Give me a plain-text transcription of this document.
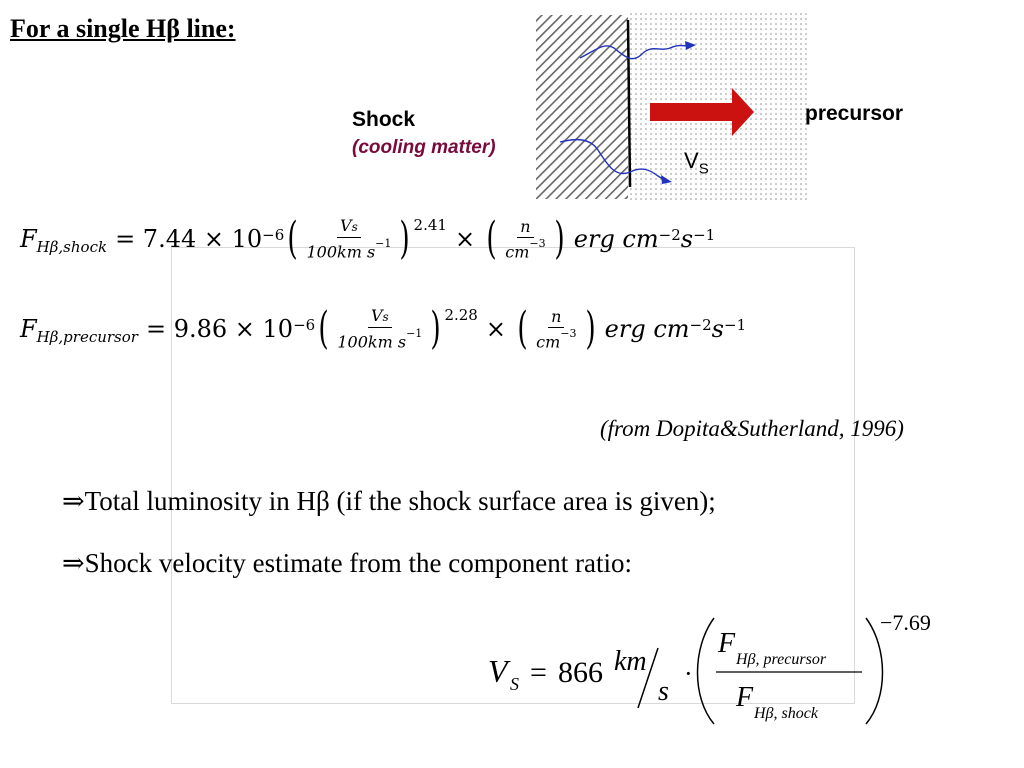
For a single Hβ line:
Shock
(cooling matter)
precursor
$V_S$
F Hβ,shock = $7.44 \times 10^{-6}$ ( $\frac{Vs}{100km s^{-1}} )^{2.41}$ × ( $\frac{n}{cm^{-3}}$ ) erg $cm^{-2}$ $s^{-1}$
F Hβ,precursor = $9.86 \times 10^{-6}$ ( $\frac{Vs}{100km s^{-1}} )^{2.28}$ × ( $\frac{n}{cm^{-3}}$ ) erg $cm^{-2}$ $s^{-1}$
(from Dopita&Sutherland, 1996)
⇒Total luminosity in Hβ (if the shock surface area is given);
⇒Shock velocity estimate from the component ratio:
V S = 866 km
s
·
F
Hβ, precursor
F
Hβ, shock
−7.69
